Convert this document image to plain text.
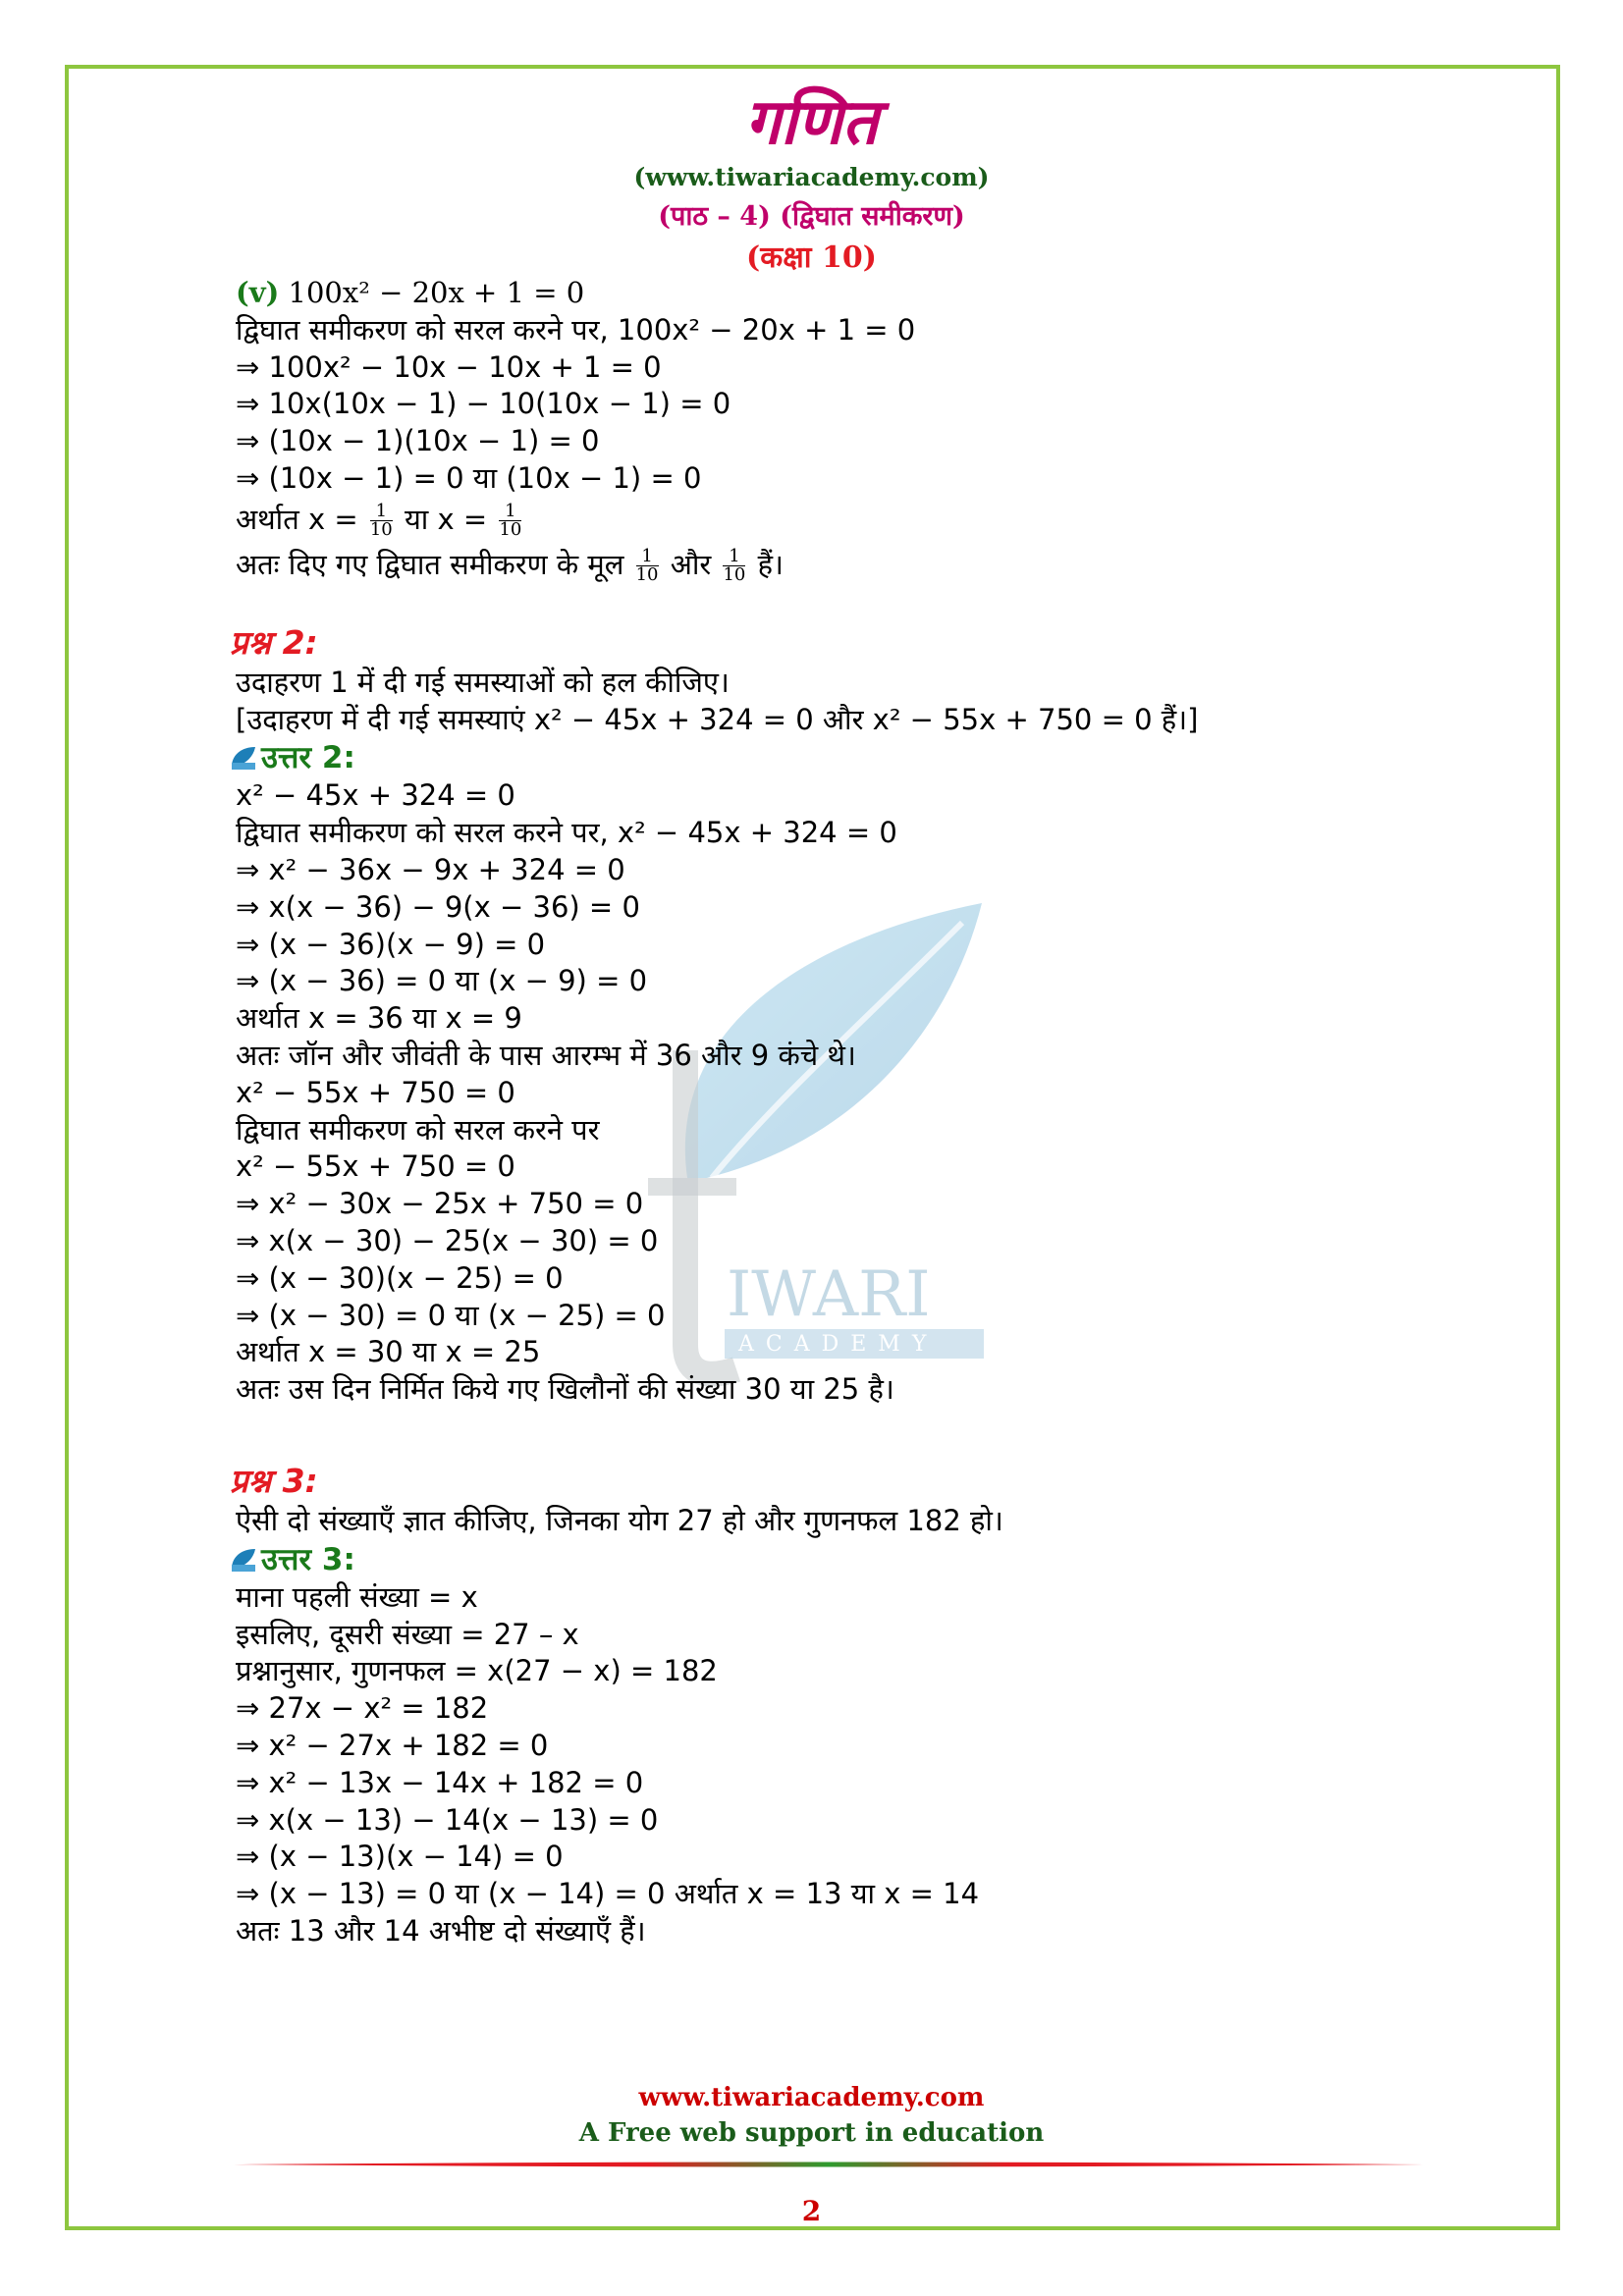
गणित
(www.tiwariacademy.com)
(पाठ – 4) (द्विघात समीकरण)
(कक्षा 10)
IWARI
ACADEMY
(v) 100x² − 20x + 1 = 0
द्विघात समीकरण को सरल करने पर, 100x² − 20x + 1 = 0
⇒ 100x² − 10x − 10x + 1 = 0
⇒ 10x(10x − 1) − 10(10x − 1) = 0
⇒ (10x − 1)(10x − 1) = 0
⇒ (10x − 1) = 0 या (10x − 1) = 0
अर्थात $x = \frac{1}{10}$ या $x = \frac{1}{10}$
अतः दिए गए द्विघात समीकरण के मूल $\frac{1}{10}$ और $\frac{1}{10}$ हैं।
प्रश्न 2:
उदाहरण 1 में दी गई समस्याओं को हल कीजिए।
[उदाहरण में दी गई समस्याएं x² − 45x + 324 = 0 और x² − 55x + 750 = 0 हैं।]
उत्तर 2:
x² − 45x + 324 = 0
द्विघात समीकरण को सरल करने पर, x² − 45x + 324 = 0
⇒ x² − 36x − 9x + 324 = 0
⇒ x(x − 36) − 9(x − 36) = 0
⇒ (x − 36)(x − 9) = 0
⇒ (x − 36) = 0 या (x − 9) = 0
अर्थात x = 36 या x = 9
अतः जॉन और जीवंती के पास आरम्भ में 36 और 9 कंचे थे।
x² − 55x + 750 = 0
द्विघात समीकरण को सरल करने पर
x² − 55x + 750 = 0
⇒ x² − 30x − 25x + 750 = 0
⇒ x(x − 30) − 25(x − 30) = 0
⇒ (x − 30)(x − 25) = 0
⇒ (x − 30) = 0 या (x − 25) = 0
अर्थात x = 30 या x = 25
अतः उस दिन निर्मित किये गए खिलौनों की संख्या 30 या 25 है।
प्रश्न 3:
ऐसी दो संख्याएँ ज्ञात कीजिए, जिनका योग 27 हो और गुणनफल 182 हो।
उत्तर 3:
माना पहली संख्या = x
इसलिए, दूसरी संख्या = 27 – x
प्रश्नानुसार, गुणनफल = x(27 − x) = 182
⇒ 27x − x² = 182
⇒ x² − 27x + 182 = 0
⇒ x² − 13x − 14x + 182 = 0
⇒ x(x − 13) − 14(x − 13) = 0
⇒ (x − 13)(x − 14) = 0
⇒ (x − 13) = 0 या (x − 14) = 0 अर्थात x = 13 या x = 14
अतः 13 और 14 अभीष्ट दो संख्याएँ हैं।
www.tiwariacademy.com
A Free web support in education
2
